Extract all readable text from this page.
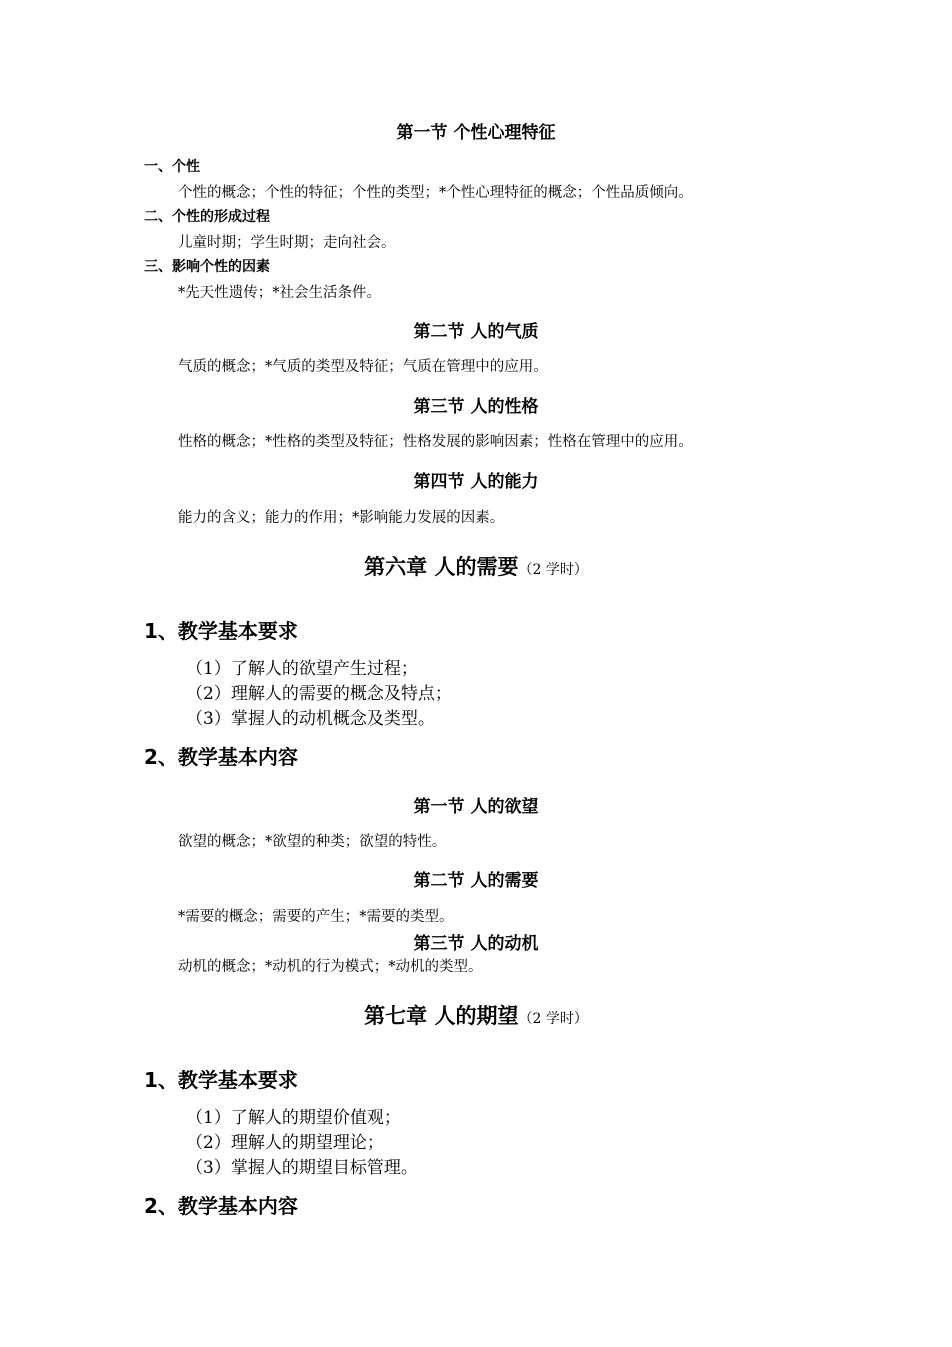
第一节 个性心理特征
一、个性
个性的概念；个性的特征；个性的类型；*个性心理特征的概念；个性品质倾向。
二、个性的形成过程
儿童时期；学生时期；走向社会。
三、影响个性的因素
*先天性遗传；*社会生活条件。
第二节 人的气质
气质的概念；*气质的类型及特征；气质在管理中的应用。
第三节 人的性格
性格的概念；*性格的类型及特征；性格发展的影响因素；性格在管理中的应用。
第四节 人的能力
能力的含义；能力的作用；*影响能力发展的因素。
第六章 人的需要（2 学时）
1、教学基本要求
（1）了解人的欲望产生过程；
（2）理解人的需要的概念及特点；
（3）掌握人的动机概念及类型。
2、教学基本内容
第一节 人的欲望
欲望的概念；*欲望的种类；欲望的特性。
第二节 人的需要
*需要的概念；需要的产生；*需要的类型。
第三节 人的动机
动机的概念；*动机的行为模式；*动机的类型。
第七章 人的期望（2 学时）
1、教学基本要求
（1）了解人的期望价值观；
（2）理解人的期望理论；
（3）掌握人的期望目标管理。
2、教学基本内容
